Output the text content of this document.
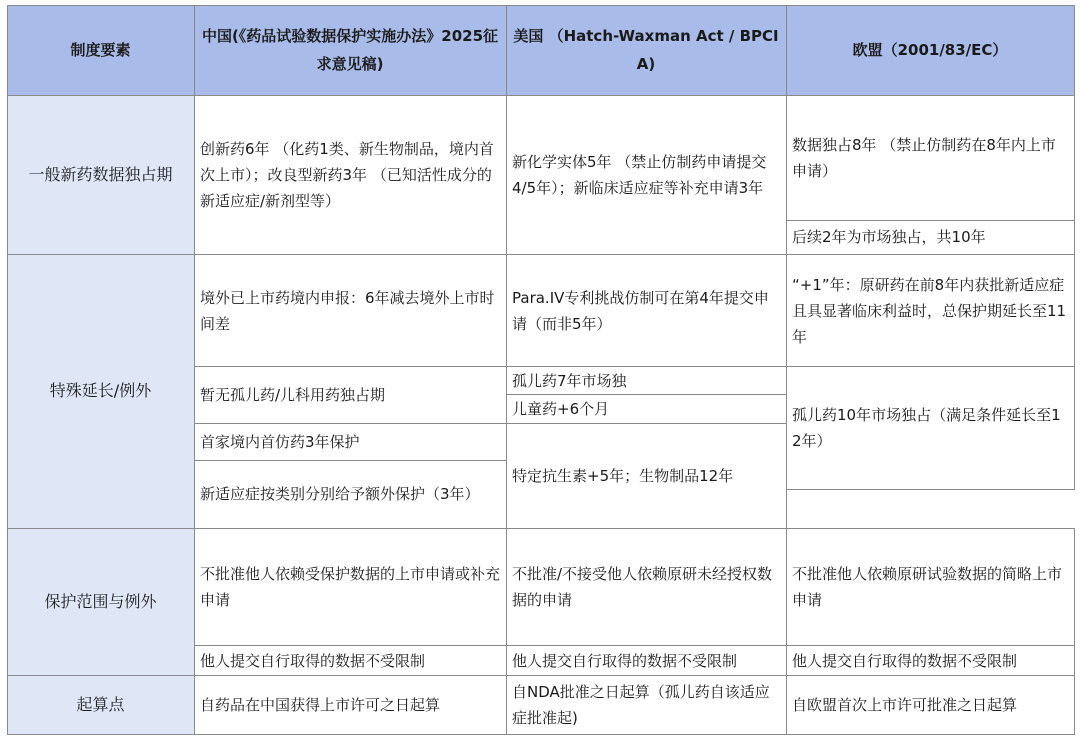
制度要素	中国(《药品试验数据保护实施办法》2025征求意见稿)	美国 （Hatch-Waxman Act / BPCIA)	欧盟（2001/83/EC）
一般新药数据独占期	创新药6年 （化药1类、新生物制品，境内首次上市）；改良型新药3年 （已知活性成分的新适应症/新剂型等）	新化学实体5年 （禁止仿制药申请提交4/5年）；新临床适应症等补充申请3年	数据独占8年 （禁止仿制药在8年内上市申请）
			后续2年为市场独占，共10年
特殊延长/例外	境外已上市药境内申报：6年减去境外上市时间差	Para.IV专利挑战仿制可在第4年提交申请（而非5年）	“+1”年：原研药在前8年内获批新适应症且具显著临床利益时，总保护期延长至11年
	暂无孤儿药/儿科用药独占期	孤儿药7年市场独	孤儿药10年市场独占（满足条件延长至12年）
		儿童药+6个月	
	首家境内首仿药3年保护	特定抗生素+5年；生物制品12年	
	新适应症按类别分别给予额外保护（3年）		

保护范围与例外	不批准他人依赖受保护数据的上市申请或补充申请	不批准/不接受他人依赖原研未经授权数据的申请	不批准他人依赖原研试验数据的简略上市申请
	他人提交自行取得的数据不受限制	他人提交自行取得的数据不受限制	他人提交自行取得的数据不受限制
起算点	自药品在中国获得上市许可之日起算	自NDA批准之日起算（孤儿药自该适应症批准起)	自欧盟首次上市许可批准之日起算
